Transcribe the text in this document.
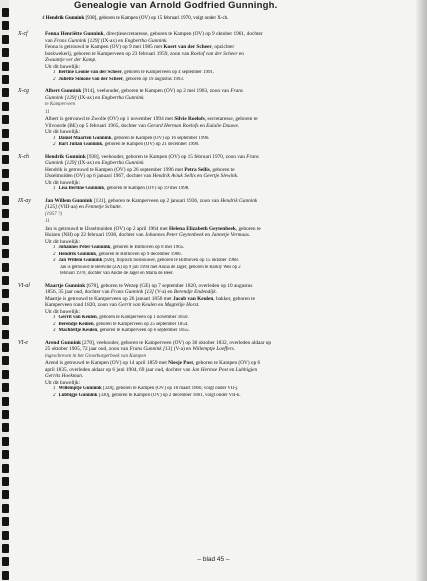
Genealogie van Arnold Godfried Gunningh.
4 Hendrik Gunnink [938], geboren te Kampen (OV) op 15 februari 1970, volgt onder X-ch.
X-cf	Fenna Henriëtte Gunnink, direcțiesecretaresse, geboren te Kampen (OV) op 9 oktober 1961, dochter
van Frans Gunnink [129] (IX-ax) en Engbertha Gunnink.
Fenna is getrouwd te Kampen (OV) op 9 mei 1985 met Koert van der Scheer, opzichter
boskwekerij, geboren te Kamperveen op 23 februari 1959, zoon van Roelof van der Scheer en
Zwaantje ver der Kamp.
Uit dit huwelijk:
1 Bertine Leonie van der Scheer, geboren te Kamperveen op 4 september 1991.
2 Juliëtte Simone van der Scheer, geboren op 19 augustus 1993.
X-cg	Albert Gunnink [914], veehouder, geboren te Kampen (OV) op 2 mei 1963, zoon van Frans
Gunnink [129] (IX-ax) en Engbertha Gunnink.
te Kamperveen
11
Albert is getrouwd te Zwolle (OV) op 1 november 1994 met Silvie Roelofs, secretaresse, geboren te
Vilvoorde (BE) op 5 februari 1965, dochter van Gerard Herman Roelofs en Eulalie Dauwe.
Uit dit huwelijk:
1 Daniel Maarten Gunnink, geboren te Kampen (OV) op 16 september 1996.
2 Bart Julian Gunnink, geboren te Kampen (OV) op 21 december 1998.
X-ch	Hendrik Gunnink [938], veehouder, geboren te Kampen (OV) op 15 februari 1970, zoon van Frans
Gunnink [129] (IX-ax) en Engbertha Gunnink.
Hendrik is getrouwd te Kampen (OV) op 26 september 1996 met Petra Sellis, geboren te
IJsselmuiden (OV) op 6 januari 1967, dochter van Hendrik Aviuk Sellis en Geertje Slewink.
Uit dit huwelijk:
1 Lisa Bertine Gunnink, geboren te Kampen (OV) op 19 mei 1998.
IX-ay	Jan Willem Gunnink [131], geboren te Kamperveen op 2 januari 1936, zoon van Hendrik Gunnink
[125] (VIII-aa) en Fennetje Schutte.
(1957 ?)
11
Jan is getrouwd te IJsselmuiden (OV) op 2 april 1964 met Helena Elizabeth Geytenbeek, geboren te
Huizen (NH) op 22 februari 1938, dochter van Johannes Peter Geytenbeek en Jannetje Vermaas.
Uit dit huwelijk:
1 Johannes Peter Gunnink, geboren te Bilthoven op 8 mei 1965.
2 Hendrik Gunnink, geboren te Bilthoven op 9 december 1966.
3 Jan Willem Gunnink [920], tropisch bosbouwer, geboren te Bilthoven op 15 oktober 1968.
Jan is getrouwd te Bellville (ZA) op 9 juli 1994 met Aluna de Jager, geboren te Barkly Wes op 2
februari 1970, dochter van Andre de Jager en Maria de Beer.
VI-al	Maartje Gunnink [678], geboren te Wezep (GE) op 7 september 1820, overleden op 10 augustus
1856, 35 jaar oud, dochter van Frans Gunnink [13] (V-a) en Berendje Endendijk.
Maartje is getrouwd te Kamperveen op 26 januari 1850 met Jacob van Keulen, bakker, geboren te
Kamperveen rond 1820, zoon van Gerrit van Keulen en Magtelije Horst.
Uit dit huwelijk:
1 Gerrit van Keulen, geboren te Kamperveen op 1 november 1850.
2 Berendje Keulen, geboren te Kamperveen op 25 september 1854.
3 Machteltje Keulen, geboren te Kamperveen op 6 september 1855.
VI-e	Arend Gunnink [270], veehouder, geboren te Kamperveen (OV) op 30 oktober 1832, overleden aldaar op
25 oktober 1905, 72 jaar oud, zoon van Frans Gunnink [13] (V-a) en Willemptje Loeffers.
ingeschreven in het Grootburgerboek van Kampen
Arend is getrouwd te Kampen (OV) op 14 april 1859 met Niesje Post, geboren te Kampen (OV) op 6
april 1835, overleden aldaar op 6 juni 1904, 69 jaar oud, dochter van Jan Hermse Post en Lubbigjen
Gerrits Hoekman.
Uit dit huwelijk:
1 Willemptje Gunnink [328], geboren te Kampen (OV) op 18 maart 1860, volgt onder VII-j.
2 Lubbigje Gunnink [330], geboren te Kampen (OV) op 2 december 1861, volgt onder VII-k.
– blad 45 –
